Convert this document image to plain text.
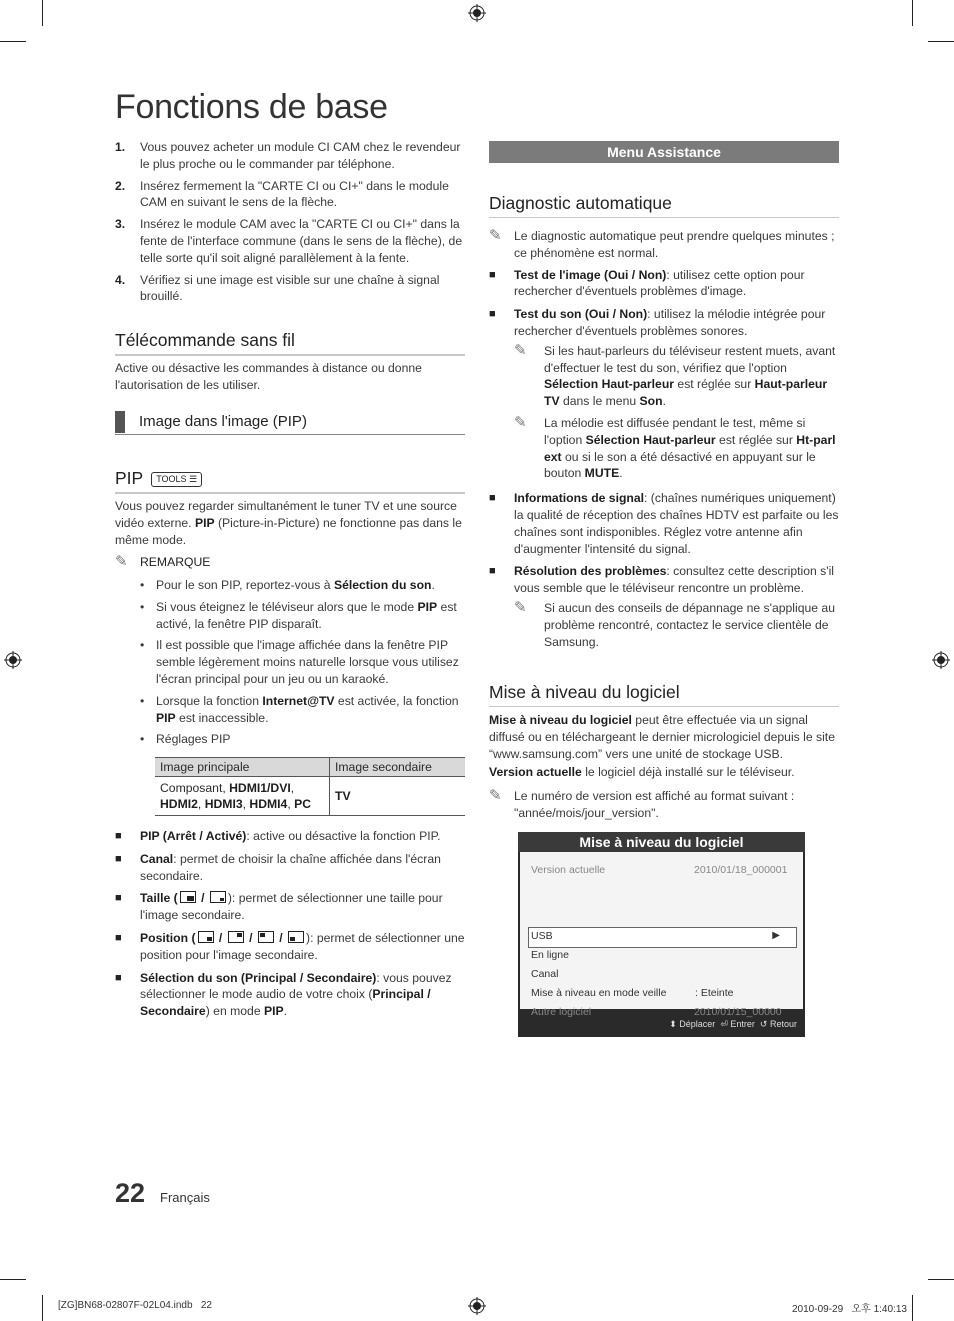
Fonctions de base
1.	Vous pouvez acheter un module CI CAM chez le revendeur le plus proche ou le commander par téléphone.
2.	Insérez fermement la "CARTE CI ou CI+" dans le module CAM en suivant le sens de la flèche.
3.	Insérez le module CAM avec la "CARTE CI ou CI+" dans la fente de l'interface commune (dans le sens de la flèche), de telle sorte qu'il soit aligné parallèlement à la fente.
4.	Vérifiez si une image est visible sur une chaîne à signal brouillé.
Télécommande sans fil
Active ou désactive les commandes à distance ou donne l'autorisation de les utiliser.
Image dans l'image (PIP)
PIP TOOLS ☰
Vous pouvez regarder simultanément le tuner TV et une source vidéo externe. PIP (Picture-in-Picture) ne fonctionne pas dans le même mode.
✎	REMARQUE
• Pour le son PIP, reportez-vous à Sélection du son.
• Si vous éteignez le téléviseur alors que le mode PIP est activé, la fenêtre PIP disparaît.
• Il est possible que l'image affichée dans la fenêtre PIP semble légèrement moins naturelle lorsque vous utilisez l'écran principal pour un jeu ou un karaoké.
• Lorsque la fonction Internet@TV est activée, la fonction PIP est inaccessible.
• Réglages PIP
Image principale	Image secondaire
Composant, HDMI1/DVI,
HDMI2, HDMI3, HDMI4, PC	TV
■	PIP (Arrêt / Activé): active ou désactive la fonction PIP.
■	Canal: permet de choisir la chaîne affichée dans l'écran secondaire.
■	Taille ( / ): permet de sélectionner une taille pour l'image secondaire.
■	Position ( / / / ): permet de sélectionner une position pour l'image secondaire.
■	Sélection du son (Principal / Secondaire): vous pouvez sélectionner le mode audio de votre choix (Principal / Secondaire) en mode PIP.
Menu Assistance
Diagnostic automatique
✎	Le diagnostic automatique peut prendre quelques minutes ; ce phénomène est normal.
■	Test de l'image (Oui / Non): utilisez cette option pour rechercher d'éventuels problèmes d'image.
■	Test du son (Oui / Non): utilisez la mélodie intégrée pour rechercher d'éventuels problèmes sonores.
✎	Si les haut-parleurs du téléviseur restent muets, avant d'effectuer le test du son, vérifiez que l'option Sélection Haut-parleur est réglée sur Haut-parleur TV dans le menu Son.
✎	La mélodie est diffusée pendant le test, même si l'option Sélection Haut-parleur est réglée sur Ht-parl ext ou si le son a été désactivé en appuyant sur le bouton MUTE.
■	Informations de signal: (chaînes numériques uniquement) la qualité de réception des chaînes HDTV est parfaite ou les chaînes sont indisponibles. Réglez votre antenne afin d'augmenter l'intensité du signal.
■	Résolution des problèmes: consultez cette description s'il vous semble que le téléviseur rencontre un problème.
✎	Si aucun des conseils de dépannage ne s'applique au problème rencontré, contactez le service clientèle de Samsung.
Mise à niveau du logiciel
Mise à niveau du logiciel peut être effectuée via un signal diffusé ou en téléchargeant le dernier micrologiciel depuis le site “www.samsung.com” vers une unité de stockage USB.
Version actuelle le logiciel déjà installé sur le téléviseur.
✎	Le numéro de version est affiché au format suivant : "année/mois/jour_version".
Mise à niveau du logiciel
Version actuelle	2010/01/18_000001
USB	▶
En ligne
Canal
Mise à niveau en mode veille	: Eteinte
Autre logiciel	2010/01/15_00000
⬍ Déplacer ⏎ Entrer ↺ Retour
22 Français
[ZG]BN68-02807F-02L04.indb   22	2010-09-29   오후 1:40:13
